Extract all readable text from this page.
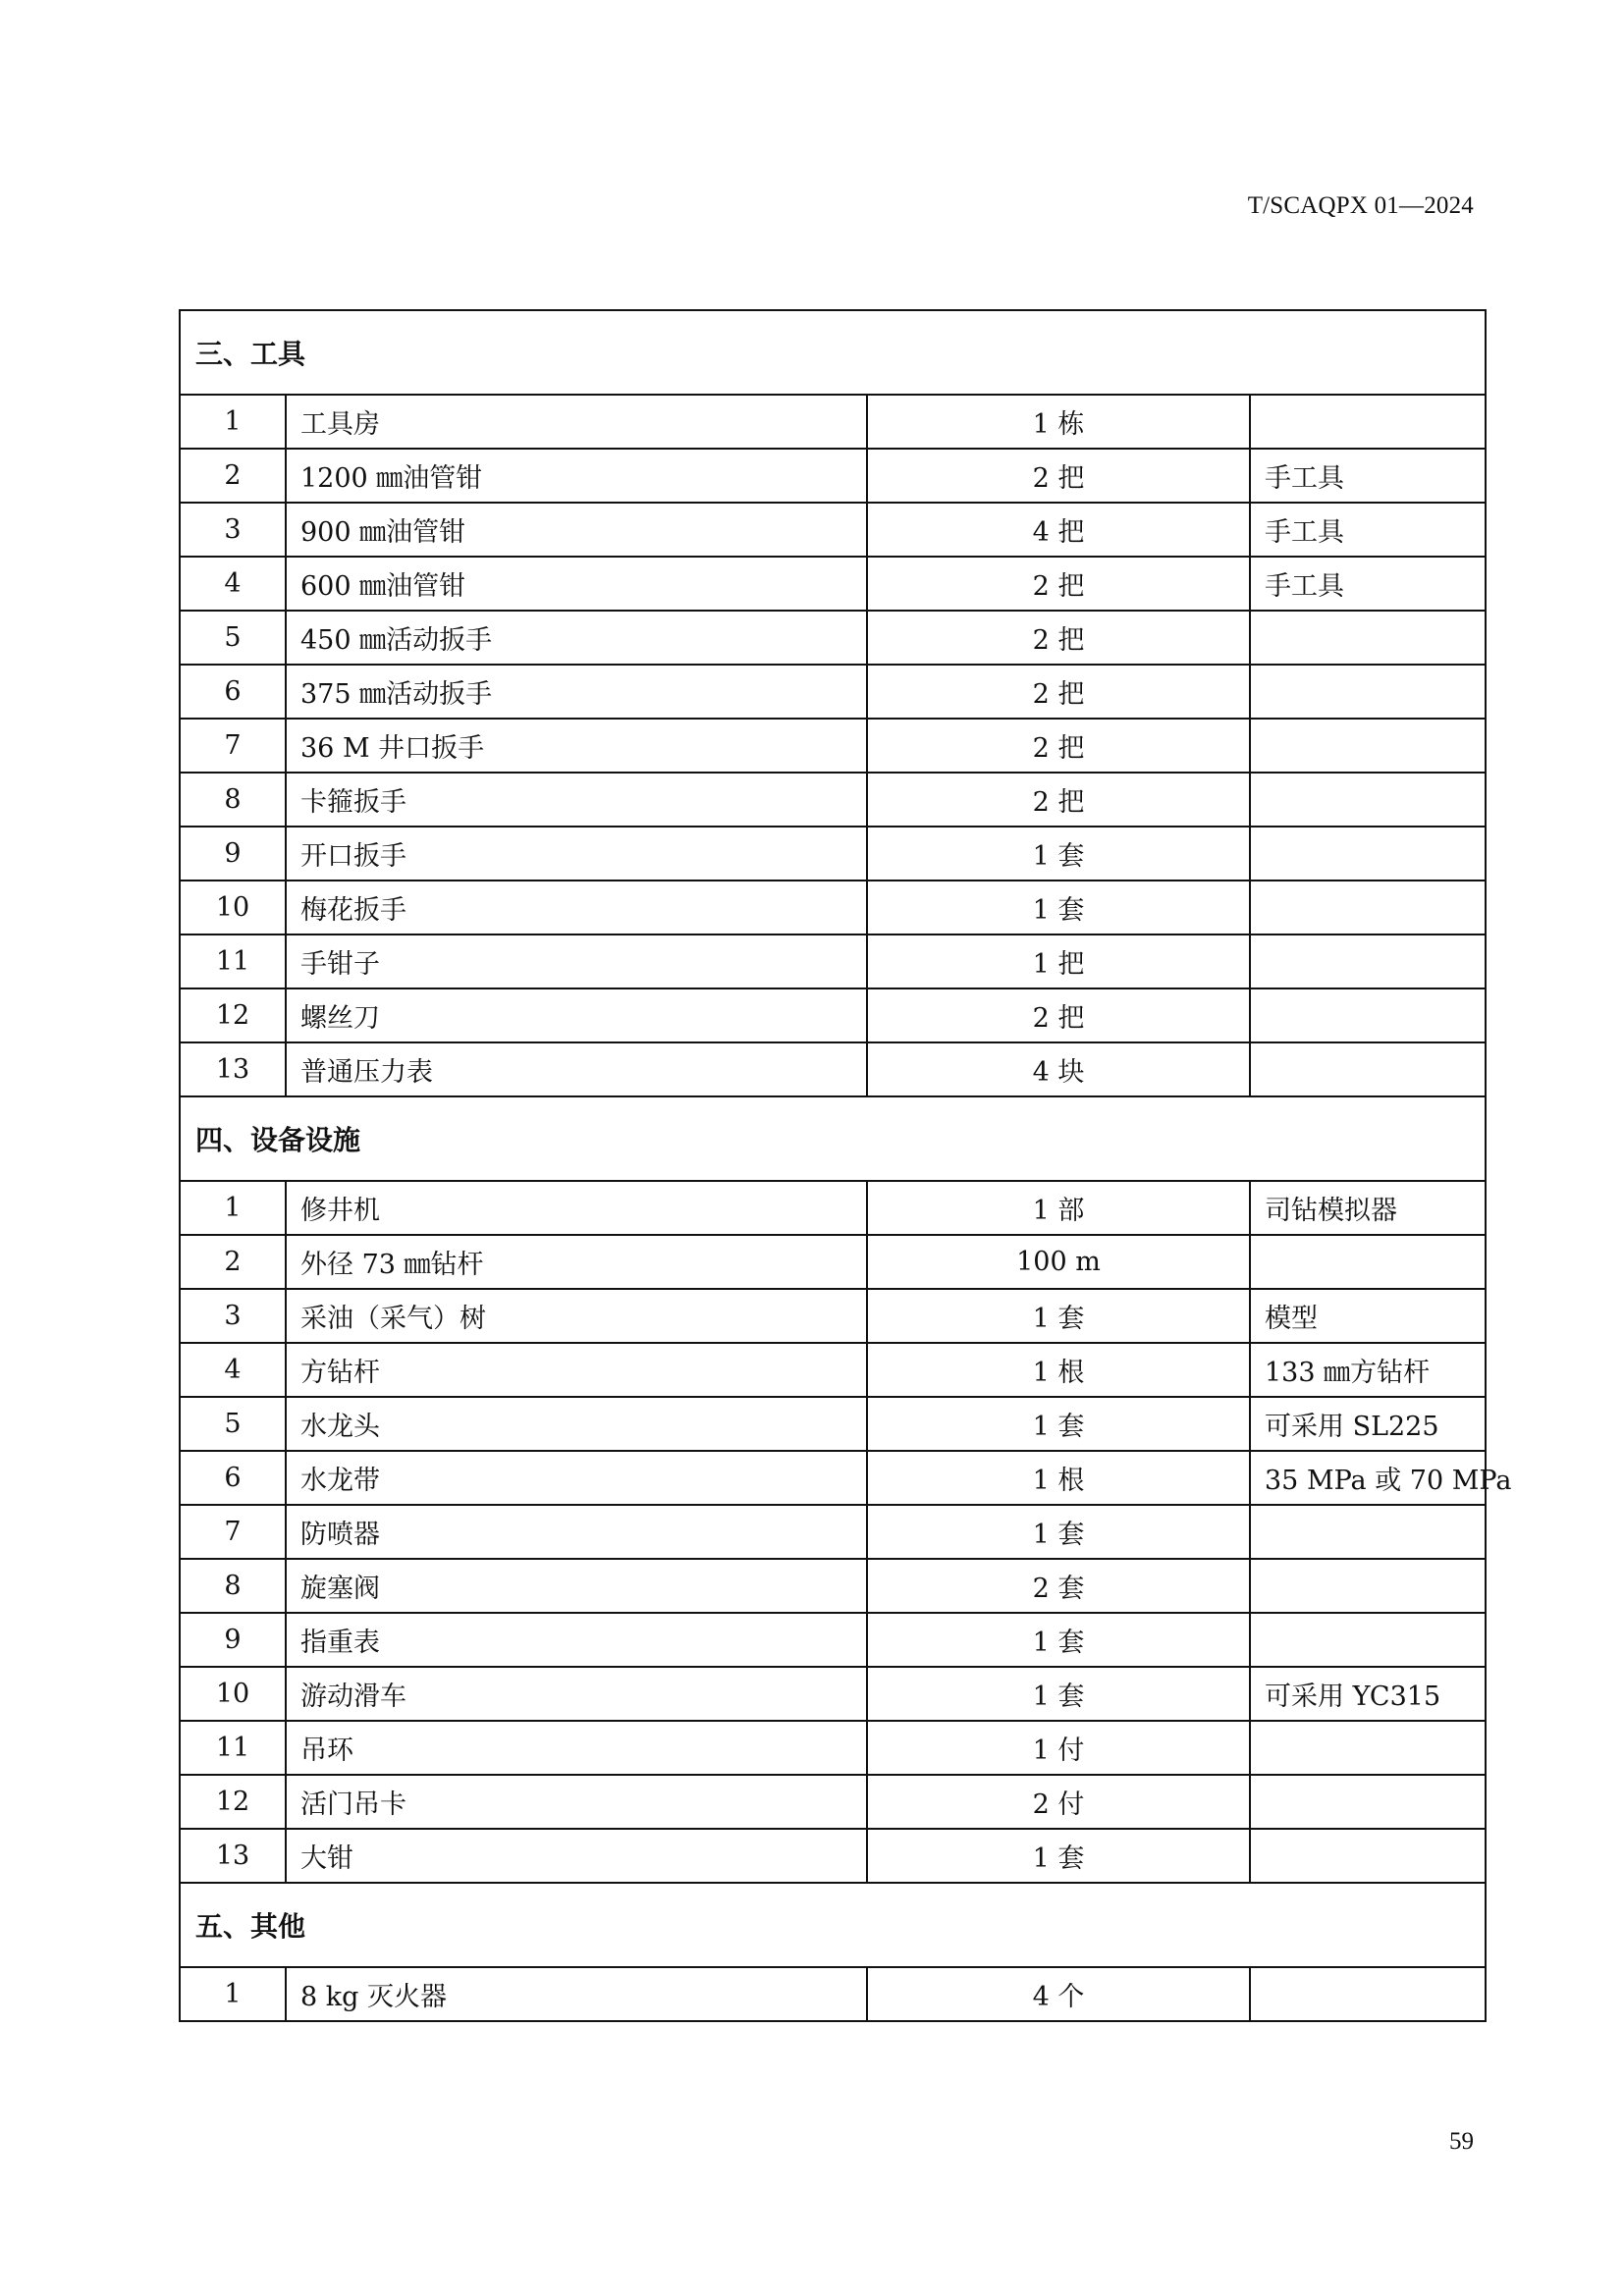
T/SCAQPX 01—2024
三、工具			
1	工具房	1 栋	
2	1200 ㎜油管钳	2 把	手工具
3	900 ㎜油管钳	4 把	手工具
4	600 ㎜油管钳	2 把	手工具
5	450 ㎜活动扳手	2 把	
6	375 ㎜活动扳手	2 把	
7	36 M 井口扳手	2 把	
8	卡箍扳手	2 把	
9	开口扳手	1 套	
10	梅花扳手	1 套	
11	手钳子	1 把	
12	螺丝刀	2 把	
13	普通压力表	4 块	
四、设备设施			
1	修井机	1 部	司钻模拟器
2	外径 73 ㎜钻杆	100 m	
3	采油（采气）树	1 套	模型
4	方钻杆	1 根	133 ㎜方钻杆
5	水龙头	1 套	可采用 SL225
6	水龙带	1 根	35 MPa 或 70 MPa
7	防喷器	1 套	
8	旋塞阀	2 套	
9	指重表	1 套	
10	游动滑车	1 套	可采用 YC315
11	吊环	1 付	
12	活门吊卡	2 付	
13	大钳	1 套	
五、其他			
1	8 kg 灭火器	4 个	
59
